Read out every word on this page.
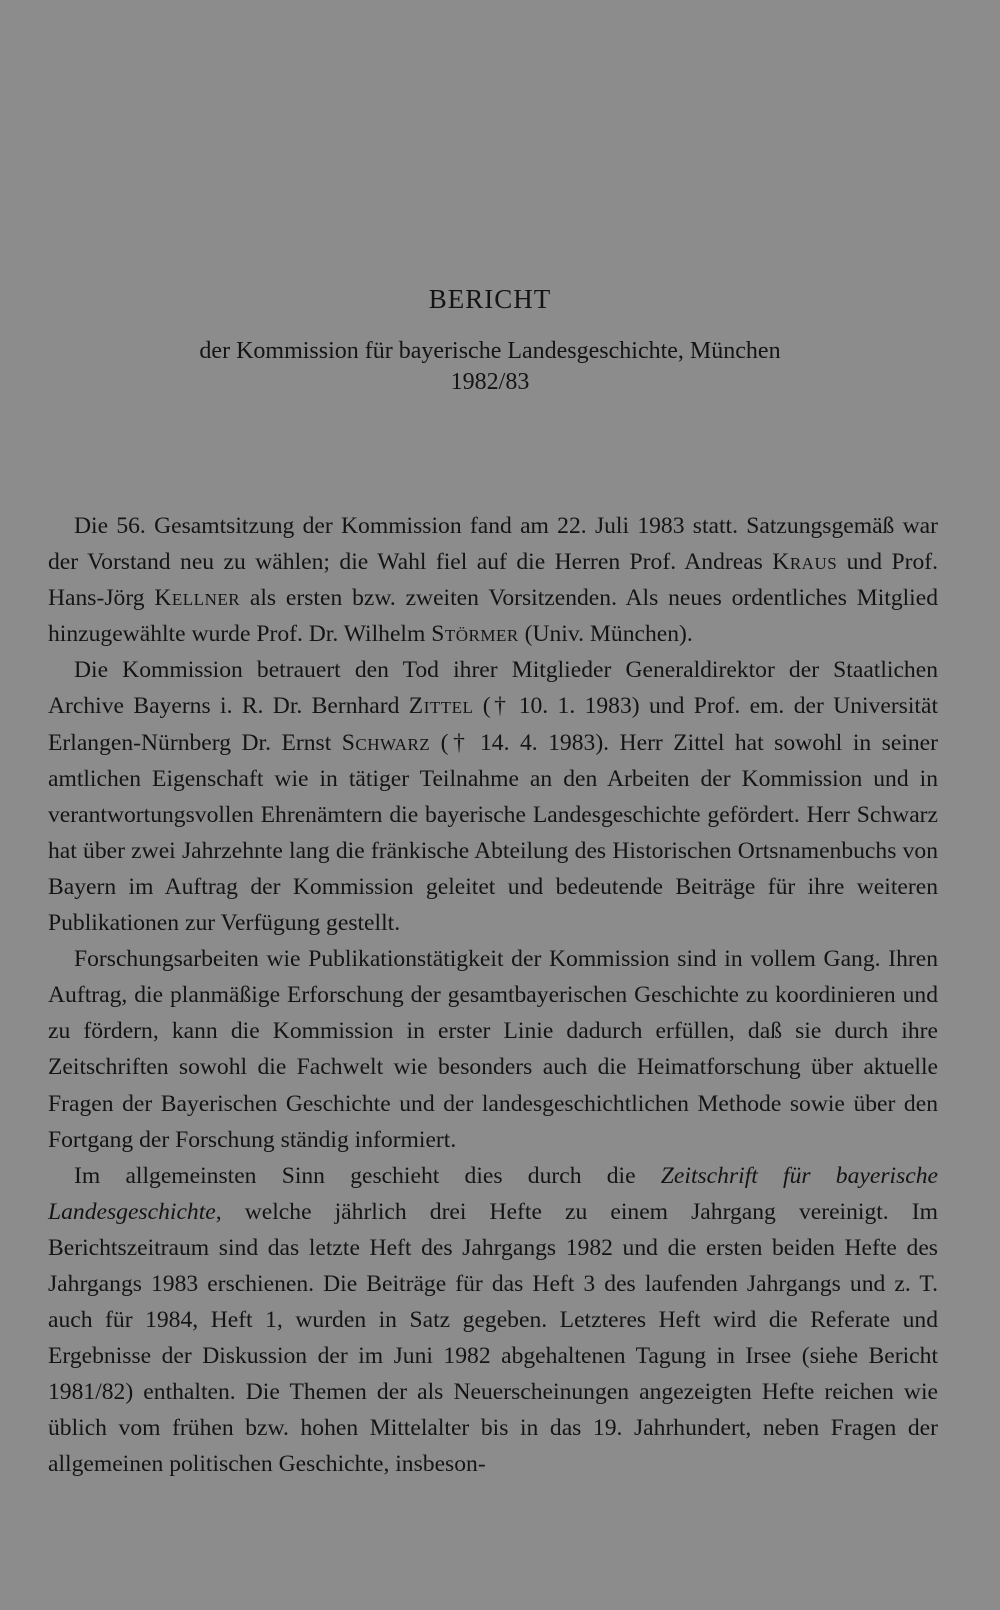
BERICHT
der Kommission für bayerische Landesgeschichte, München
1982/83

Die 56. Gesamtsitzung der Kommission fand am 22. Juli 1983 statt. Satzungsgemäß war der Vorstand neu zu wählen; die Wahl fiel auf die Herren Prof. Andreas Kraus und Prof. Hans-Jörg Kellner als ersten bzw. zweiten Vorsitzenden. Als neues ordentliches Mitglied hinzugewählte wurde Prof. Dr. Wilhelm Störmer (Univ. München).

Die Kommission betrauert den Tod ihrer Mitglieder Generaldirektor der Staatlichen Archive Bayerns i. R. Dr. Bernhard Zittel († 10. 1. 1983) und Prof. em. der Universität Erlangen-Nürnberg Dr. Ernst Schwarz († 14. 4. 1983). Herr Zittel hat sowohl in seiner amtlichen Eigenschaft wie in tätiger Teilnahme an den Arbeiten der Kommission und in verantwortungsvollen Ehrenämtern die bayerische Landesgeschichte gefördert. Herr Schwarz hat über zwei Jahrzehnte lang die fränkische Abteilung des Historischen Ortsnamenbuchs von Bayern im Auftrag der Kommission geleitet und bedeutende Beiträge für ihre weiteren Publikationen zur Verfügung gestellt.

Forschungsarbeiten wie Publikationstätigkeit der Kommission sind in vollem Gang. Ihren Auftrag, die planmäßige Erforschung der gesamtbayerischen Geschichte zu koordinieren und zu fördern, kann die Kommission in erster Linie dadurch erfüllen, daß sie durch ihre Zeitschriften sowohl die Fachwelt wie besonders auch die Heimatforschung über aktuelle Fragen der Bayerischen Geschichte und der landesgeschichtlichen Methode sowie über den Fortgang der Forschung ständig informiert.

Im allgemeinsten Sinn geschieht dies durch die Zeitschrift für bayerische Landesgeschichte, welche jährlich drei Hefte zu einem Jahrgang vereinigt. Im Berichtszeitraum sind das letzte Heft des Jahrgangs 1982 und die ersten beiden Hefte des Jahrgangs 1983 erschienen. Die Beiträge für das Heft 3 des laufenden Jahrgangs und z. T. auch für 1984, Heft 1, wurden in Satz gegeben. Letzteres Heft wird die Referate und Ergebnisse der Diskussion der im Juni 1982 abgehaltenen Tagung in Irsee (siehe Bericht 1981/82) enthalten. Die Themen der als Neuerscheinungen angezeigten Hefte reichen wie üblich vom frühen bzw. hohen Mittelalter bis in das 19. Jahrhundert, neben Fragen der allgemeinen politischen Geschichte, insbeson-
